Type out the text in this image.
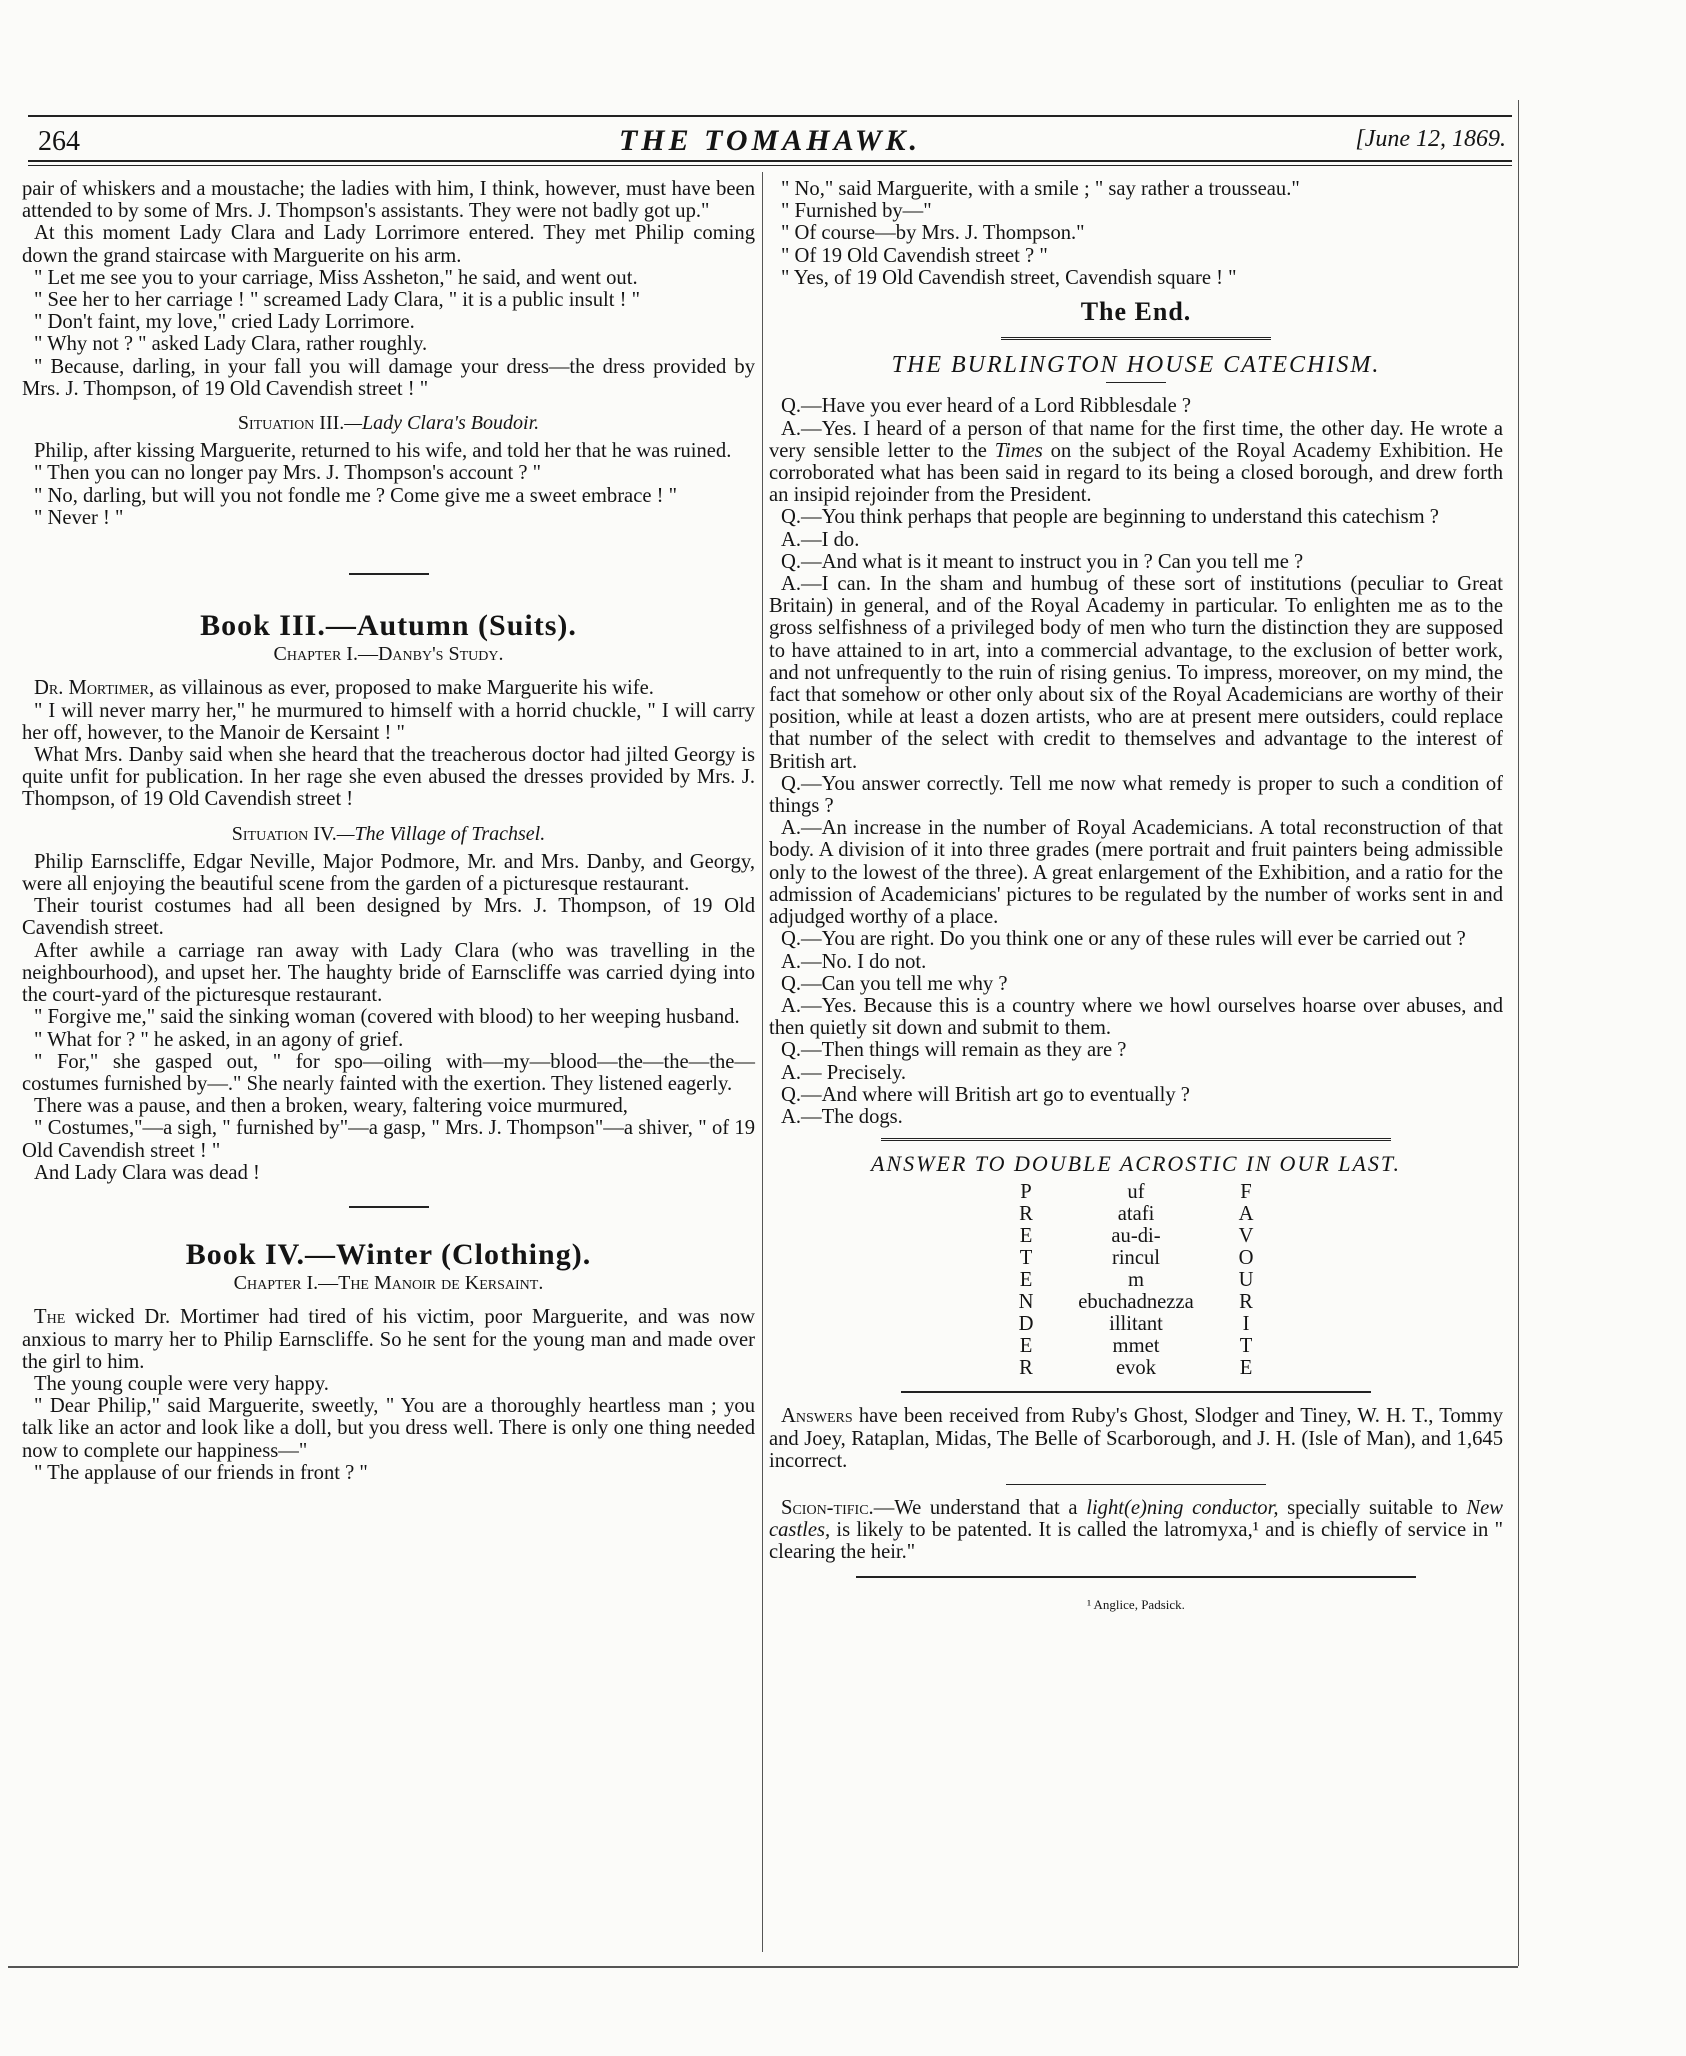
264	THE TOMAHAWK.	[June 12, 1869.

pair of whiskers and a moustache; the ladies with him, I think, however, must have been attended to by some of Mrs. J. Thompson's assistants. They were not badly got up."

At this moment Lady Clara and Lady Lorrimore entered. They met Philip coming down the grand staircase with Marguerite on his arm.

" Let me see you to your carriage, Miss Assheton," he said, and went out.

" See her to her carriage ! " screamed Lady Clara, " it is a public insult ! "

" Don't faint, my love," cried Lady Lorrimore.

" Why not ? " asked Lady Clara, rather roughly.

" Because, darling, in your fall you will damage your dress—the dress provided by Mrs. J. Thompson, of 19 Old Cavendish street ! "

Situation III.—Lady Clara's Boudoir.

Philip, after kissing Marguerite, returned to his wife, and told her that he was ruined.

" Then you can no longer pay Mrs. J. Thompson's account ? "

" No, darling, but will you not fondle me ? Come give me a sweet embrace ! "

" Never ! "

Book III.—Autumn (Suits).
Chapter I.—Danby's Study.

Dr. Mortimer, as villainous as ever, proposed to make Marguerite his wife.

" I will never marry her," he murmured to himself with a horrid chuckle, " I will carry her off, however, to the Manoir de Kersaint ! "

What Mrs. Danby said when she heard that the treacherous doctor had jilted Georgy is quite unfit for publication. In her rage she even abused the dresses provided by Mrs. J. Thompson, of 19 Old Cavendish street !

Situation IV.—The Village of Trachsel.

Philip Earnscliffe, Edgar Neville, Major Podmore, Mr. and Mrs. Danby, and Georgy, were all enjoying the beautiful scene from the garden of a picturesque restaurant.

Their tourist costumes had all been designed by Mrs. J. Thompson, of 19 Old Cavendish street.

After awhile a carriage ran away with Lady Clara (who was travelling in the neighbourhood), and upset her. The haughty bride of Earnscliffe was carried dying into the court-yard of the picturesque restaurant.

" Forgive me," said the sinking woman (covered with blood) to her weeping husband.

" What for ? " he asked, in an agony of grief.

" For," she gasped out, " for spo—oiling with—my—blood—the—the—the—costumes furnished by—." She nearly fainted with the exertion. They listened eagerly.

There was a pause, and then a broken, weary, faltering voice murmured,

" Costumes,"—a sigh, " furnished by"—a gasp, " Mrs. J. Thompson"—a shiver, " of 19 Old Cavendish street ! "

And Lady Clara was dead !

Book IV.—Winter (Clothing).
Chapter I.—The Manoir de Kersaint.

The wicked Dr. Mortimer had tired of his victim, poor Marguerite, and was now anxious to marry her to Philip Earnscliffe. So he sent for the young man and made over the girl to him.

The young couple were very happy.

" Dear Philip," said Marguerite, sweetly, " You are a thoroughly heartless man ; you talk like an actor and look like a doll, but you dress well. There is only one thing needed now to complete our happiness—"

" The applause of our friends in front ? "

" No," said Marguerite, with a smile ; " say rather a trousseau."

" Furnished by—"

" Of course—by Mrs. J. Thompson."

" Of 19 Old Cavendish street ? "

" Yes, of 19 Old Cavendish street, Cavendish square ! "

The End.
THE BURLINGTON HOUSE CATECHISM.

Q.—Have you ever heard of a Lord Ribblesdale ?

A.—Yes. I heard of a person of that name for the first time, the other day. He wrote a very sensible letter to the Times on the subject of the Royal Academy Exhibition. He corroborated what has been said in regard to its being a closed borough, and drew forth an insipid rejoinder from the President.

Q.—You think perhaps that people are beginning to understand this catechism ?

A.—I do.

Q.—And what is it meant to instruct you in ? Can you tell me ?

A.—I can. In the sham and humbug of these sort of institutions (peculiar to Great Britain) in general, and of the Royal Academy in particular. To enlighten me as to the gross selfishness of a privileged body of men who turn the distinction they are supposed to have attained to in art, into a commercial advantage, to the exclusion of better work, and not unfrequently to the ruin of rising genius. To impress, moreover, on my mind, the fact that somehow or other only about six of the Royal Academicians are worthy of their position, while at least a dozen artists, who are at present mere outsiders, could replace that number of the select with credit to themselves and advantage to the interest of British art.

Q.—You answer correctly. Tell me now what remedy is proper to such a condition of things ?

A.—An increase in the number of Royal Academicians. A total reconstruction of that body. A division of it into three grades (mere portrait and fruit painters being admissible only to the lowest of the three). A great enlargement of the Exhibition, and a ratio for the admission of Academicians' pictures to be regulated by the number of works sent in and adjudged worthy of a place.

Q.—You are right. Do you think one or any of these rules will ever be carried out ?

A.—No. I do not.

Q.—Can you tell me why ?

A.—Yes. Because this is a country where we howl ourselves hoarse over abuses, and then quietly sit down and submit to them.

Q.—Then things will remain as they are ?

A.— Precisely.

Q.—And where will British art go to eventually ?

A.—The dogs.

ANSWER TO DOUBLE ACROSTIC IN OUR LAST.
P	uf	F
R	atafi	A
E	au-di-	V
T	rincul	O
E	m	U
N	ebuchadnezza	R
D	illitant	I
E	mmet	T
R	evok	E

Answers have been received from Ruby's Ghost, Slodger and Tiney, W. H. T., Tommy and Joey, Rataplan, Midas, The Belle of Scarborough, and J. H. (Isle of Man), and 1,645 incorrect.

Scion-tific.—We understand that a light(e)ning conductor, specially suitable to New castles, is likely to be patented. It is called the latromyxa,¹ and is chiefly of service in " clearing the heir."

¹ Anglice, Padsick.
